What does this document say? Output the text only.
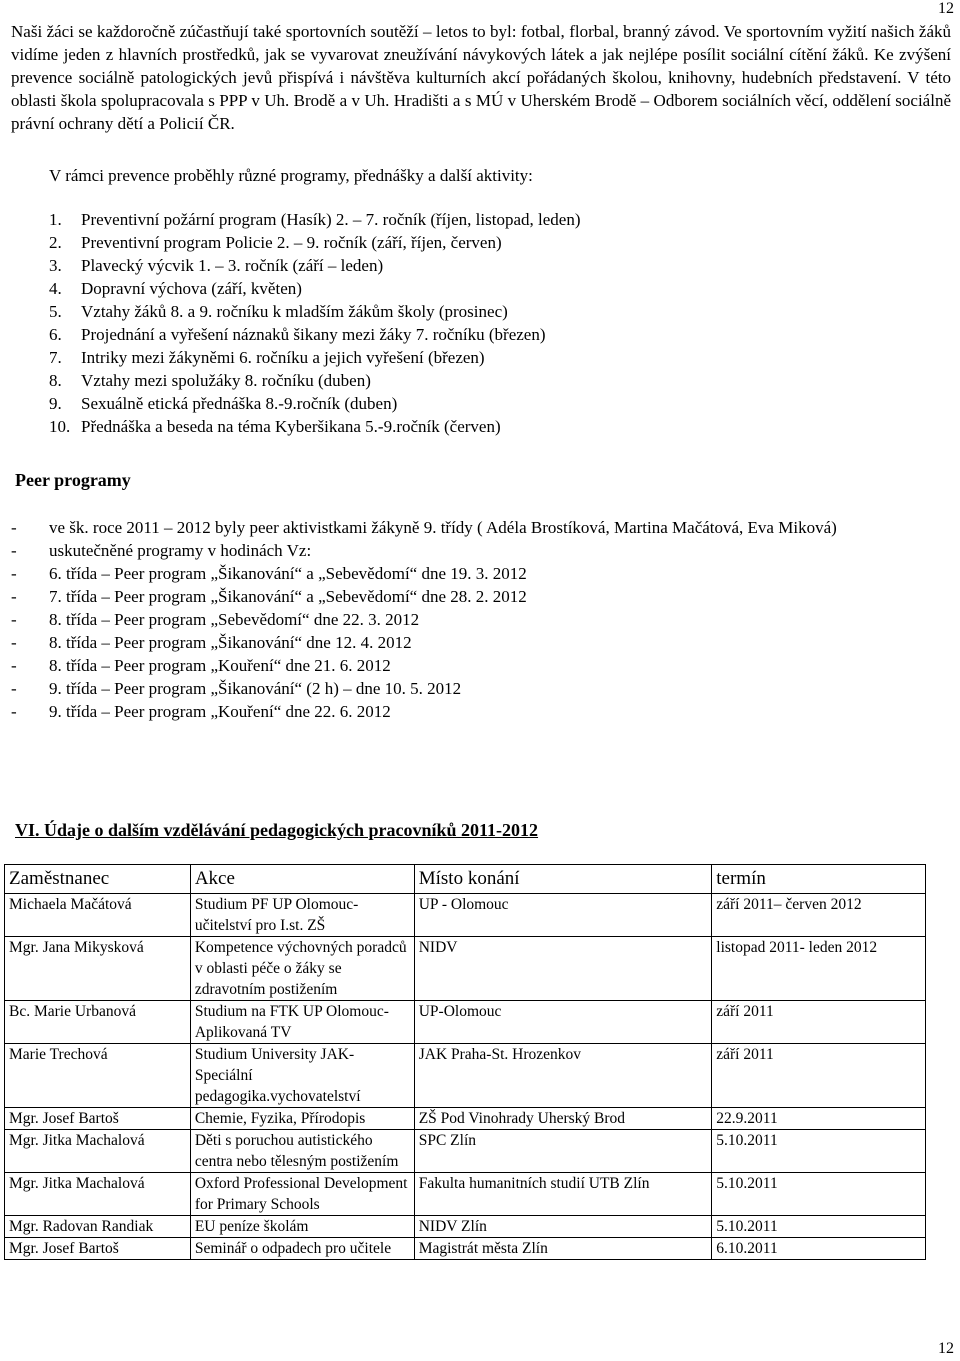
12

Naši žáci se každoročně zúčastňují také sportovních soutěží – letos to byl: fotbal, florbal, branný závod. Ve sportovním vyžití našich žáků vidíme jeden z hlavních prostředků, jak se vyvarovat zneužívání návykových látek a jak nejlépe posílit sociální cítění žáků. Ke zvýšení prevence sociálně patologických jevů přispívá i návštěva kulturních akcí pořádaných školou, knihovny, hudebních představení. V této oblasti škola spolupracovala s PPP v Uh. Brodě a v Uh. Hradišti a s MÚ v Uherském Brodě – Odborem sociálních věcí, oddělení sociálně právní ochrany dětí a Policií ČR.

V rámci prevence proběhly různé programy, přednášky a další aktivity:

1. Preventivní požární program (Hasík) 2. – 7. ročník (říjen, listopad, leden)
2. Preventivní program Policie 2. – 9. ročník (září, říjen, červen)
3. Plavecký výcvik 1. – 3. ročník (září – leden)
4. Dopravní výchova (září, květen)
5. Vztahy žáků 8. a 9. ročníku k mladším žákům školy (prosinec)
6. Projednání a vyřešení náznaků šikany mezi žáky 7. ročníku (březen)
7. Intriky mezi žákyněmi 6. ročníku a jejich vyřešení (březen)
8. Vztahy mezi spolužáky 8. ročníku (duben)
9. Sexuálně etická přednáška 8.-9.ročník (duben)
10. Přednáška a beseda na téma Kyberšikana 5.-9.ročník (červen)
Peer programy
- ve šk. roce 2011 – 2012 byly peer aktivistkami žákyně 9. třídy ( Adéla Brostíková, Martina Mačátová, Eva Miková)
- uskutečněné programy v hodinách Vz:
- 6. třída – Peer program „Šikanování“ a „Sebevědomí“ dne 19. 3. 2012
- 7. třída – Peer program „Šikanování“ a „Sebevědomí“ dne 28. 2. 2012
- 8. třída – Peer program „Sebevědomí“ dne 22. 3. 2012
- 8. třída – Peer program „Šikanování“ dne 12. 4. 2012
- 8. třída – Peer program „Kouření“ dne 21. 6. 2012
- 9. třída – Peer program „Šikanování“ (2 h) – dne 10. 5. 2012
- 9. třída – Peer program „Kouření“ dne 22. 6. 2012
VI. Údaje o dalším vzdělávání pedagogických pracovníků 2011-2012
Zaměstnanec	Akce	Místo konání	termín
Michaela Mačátová	Studium PF UP Olomouc-učitelství pro I.st. ZŠ	UP - Olomouc	září 2011– červen 2012
Mgr. Jana Mikysková	Kompetence výchovných poradců v oblasti péče o žáky se zdravotním postižením	NIDV	listopad 2011- leden 2012
Bc. Marie Urbanová	Studium na FTK UP Olomouc-Aplikovaná TV	UP-Olomouc	září 2011
Marie Trechová	Studium University JAK-Speciální pedagogika.vychovatelství	JAK Praha-St. Hrozenkov	září 2011
Mgr. Josef Bartoš	Chemie, Fyzika, Přírodopis	ZŠ Pod Vinohrady Uherský Brod	22.9.2011
Mgr. Jitka Machalová	Děti s poruchou autistického centra nebo tělesným postižením	SPC Zlín	5.10.2011
Mgr. Jitka Machalová	Oxford Professional Development for Primary Schools	Fakulta humanitních studií UTB Zlín	5.10.2011
Mgr. Radovan Randiak	EU peníze školám	NIDV Zlín	5.10.2011
Mgr. Josef Bartoš	Seminář o odpadech pro učitele	Magistrát města Zlín	6.10.2011
12
